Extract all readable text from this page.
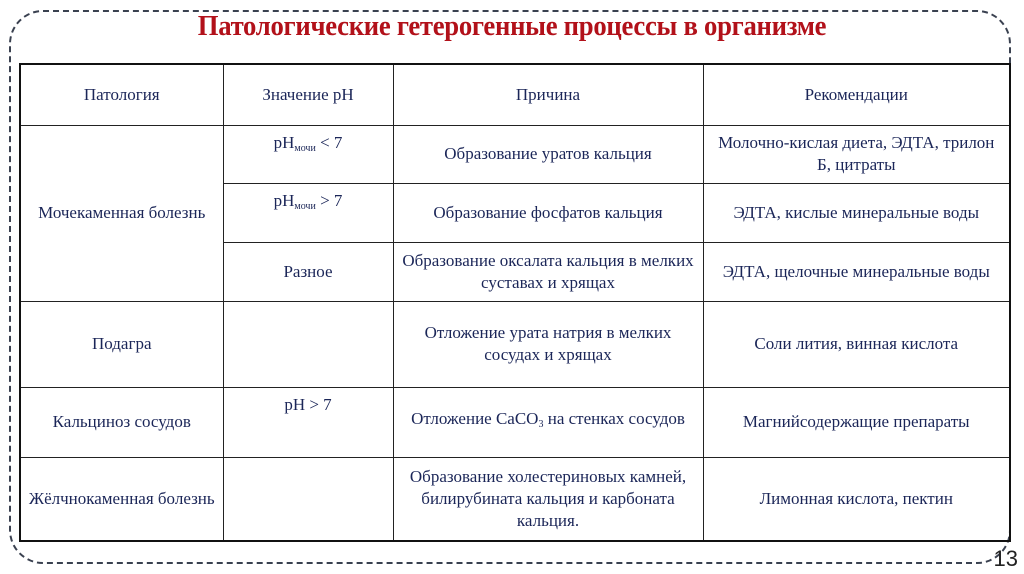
Патологические гетерогенные процессы в организме
Патология	Значение pH	Причина	Рекомендации
Мочекаменная болезнь	$pH_{мочи} < 7$	Образование уратов кальция	Молочно-кислая диета, ЭДТА, трилон Б, цитраты
	$pH_{мочи} > 7$	Образование фосфатов кальция	ЭДТА, кислые минеральные воды
	Разное	Образование оксалата кальция в мелких суставах и хрящах	ЭДТА, щелочные минеральные воды
Подагра		Отложение урата натрия в мелких сосудах и хрящах	Соли лития, винная кислота
Кальциноз сосудов	pH > 7	Отложение CaCO$_3$ на стенках сосудов	Магнийсодержащие препараты
Жёлчнокаменная болезнь		Образование холестериновых камней, билирубината кальция и карбоната кальция.	Лимонная кислота, пектин
13
